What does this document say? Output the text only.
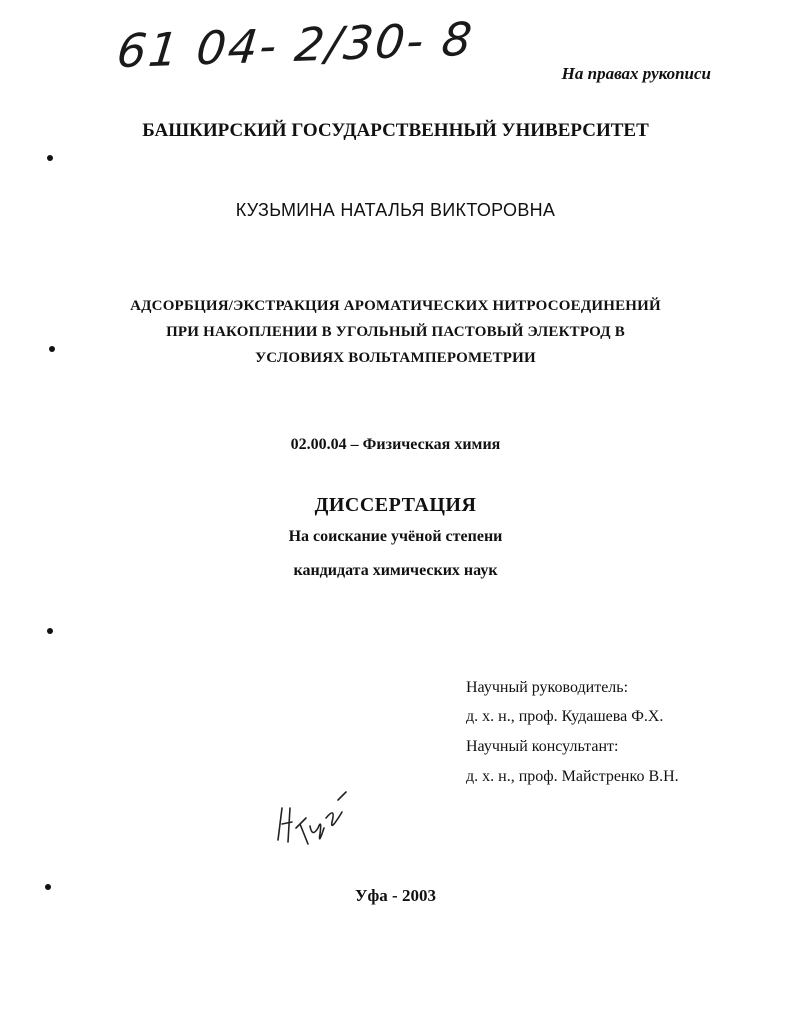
61 04- 2/30- 8	На правах рукописи
БАШКИРСКИЙ ГОСУДАРСТВЕННЫЙ УНИВЕРСИТЕТ
КУЗЬМИНА НАТАЛЬЯ ВИКТОРОВНА
АДСОРБЦИЯ/ЭКСТРАКЦИЯ АРОМАТИЧЕСКИХ НИТРОСОЕДИНЕНИЙ
ПРИ НАКОПЛЕНИИ В УГОЛЬНЫЙ ПАСТОВЫЙ ЭЛЕКТРОД В
УСЛОВИЯХ ВОЛЬТАМПЕРОМЕТРИИ
02.00.04 – Физическая химия
ДИССЕРТАЦИЯ
На соискание учёной степени
кандидата химических наук
Научный руководитель:
д. х. н., проф. Кудашева Ф.Х.
Научный консультант:
д. х. н., проф. Майстренко В.Н.
Уфа - 2003
